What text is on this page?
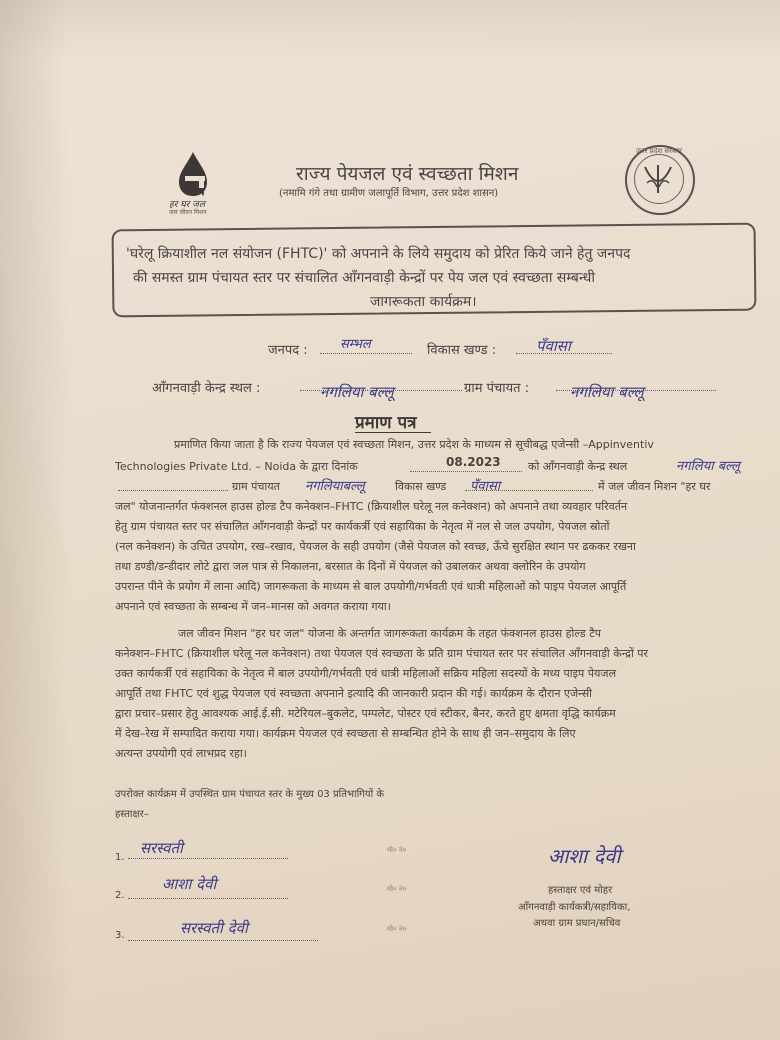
हर घर जल
जल जीवन मिशन
राज्य पेयजल एवं स्वच्छता मिशन
(नमामि गंगे तथा ग्रामीण जलापूर्ति विभाग, उत्तर प्रदेश शासन)
उत्तर प्रदेश सरकार
'घरेलू क्रियाशील नल संयोजन (FHTC)' को अपनाने के लिये समुदाय को प्रेरित किये जाने हेतु जनपद
की समस्त ग्राम पंचायत स्तर पर संचालित आँगनवाड़ी केन्द्रों पर पेय जल एवं स्वच्छता सम्बन्धी
जागरूकता कार्यक्रम।
जनपद : सम्भल	विकास खण्ड :	पँवासा
आँगनवाड़ी केन्द्र स्थल :	नगलिया बल्लू	ग्राम पंचायत :	नगलिया बल्लू
प्रमाण पत्र
प्रमाणित किया जाता है कि राज्य पेयजल एवं स्वच्छता मिशन, उत्तर प्रदेश के माध्यम से सूचीबद्ध एजेन्सी –Appinventiv
Technologies Private Ltd. – Noida के द्वारा दिनांक	08.2023 को आँगनवाड़ी केन्द्र स्थल	नगलिया बल्लू
ग्राम पंचायत नगलियाबल्लू	विकास खण्ड पँवासा	में जल जीवन मिशन "हर घर
जल" योजनान्तर्गत फंक्शनल हाउस होल्ड टैप कनेक्शन–FHTC (क्रियाशील घरेलू नल कनेक्शन) को अपनाने तथा व्यवहार परिवर्तन
हेतु ग्राम पंचायत स्तर पर संचालित आँगनवाड़ी केन्द्रों पर कार्यकर्त्री एवं सहायिका के नेतृत्व में नल से जल उपयोग, पेयजल स्रोतों
(नल कनेक्शन) के उचित उपयोग, रख–रखाव, पेयजल के सही उपयोग (जैसे पेयजल को स्वच्छ, ऊँचे सुरक्षित स्थान पर ढककर रखना
तथा डण्डी/डन्डीदार लोटे द्वारा जल पात्र से निकालना, बरसात के दिनों में पेयजल को उबालकर अथवा क्लोरिन के उपयोग
उपरान्त पीने के प्रयोग में लाना आदि) जागरूकता के माध्यम से बाल उपयोगी/गर्भवती एवं धात्री महिलाओं को पाइप पेयजल आपूर्ति
अपनाने एवं स्वच्छता के सम्बन्ध में जन–मानस को अवगत कराया गया।
जल जीवन मिशन "हर घर जल" योजना के अन्तर्गत जागरूकता कार्यक्रम के तहत फंक्शनल हाउस होल्ड टैप
कनेक्शन–FHTC (क्रियाशील घरेलू नल कनेक्शन) तथा पेयजल एवं स्वच्छता के प्रति ग्राम पंचायत स्तर पर संचालित आँगनवाड़ी केन्द्रों पर
उक्त कार्यकर्त्री एवं सहायिका के नेतृत्व में बाल उपयोगी/गर्भवती एवं धात्री महिलाओं सक्रिय महिला सदस्यों के मध्य पाइप पेयजल
आपूर्ति तथा FHTC एवं शुद्ध पेयजल एवं स्वच्छता अपनाने इत्यादि की जानकारी प्रदान की गई। कार्यक्रम के दौरान एजेन्सी
द्वारा प्रचार–प्रसार हेतु आवश्यक आई.ई.सी. मटेरियल–बुकलेट, पम्पलेट, पोस्टर एवं स्टीकर, बैनर, करते हुए क्षमता वृद्धि कार्यक्रम
में देख–रेख में सम्पादित कराया गया। कार्यक्रम पेयजल एवं स्वच्छता से सम्बन्धित होने के साथ ही जन–समुदाय के लिए
अत्यन्त उपयोगी एवं लाभप्रद रहा।
उपरोक्त कार्यक्रम में उपस्थित ग्राम पंचायत स्तर के मुख्य 03 प्रतिभागियों के
हस्ताक्षर–
1.
सरस्वती	मो० नं०
2.
आशा देवी	मो० नं०
3.	सरस्वती देवी	मो० नं०
आशा देवी
हस्ताक्षर एवं मोहर
आँगनवाड़ी कार्यकत्री/सहायिका,
अथवा ग्राम प्रधान/सचिव
